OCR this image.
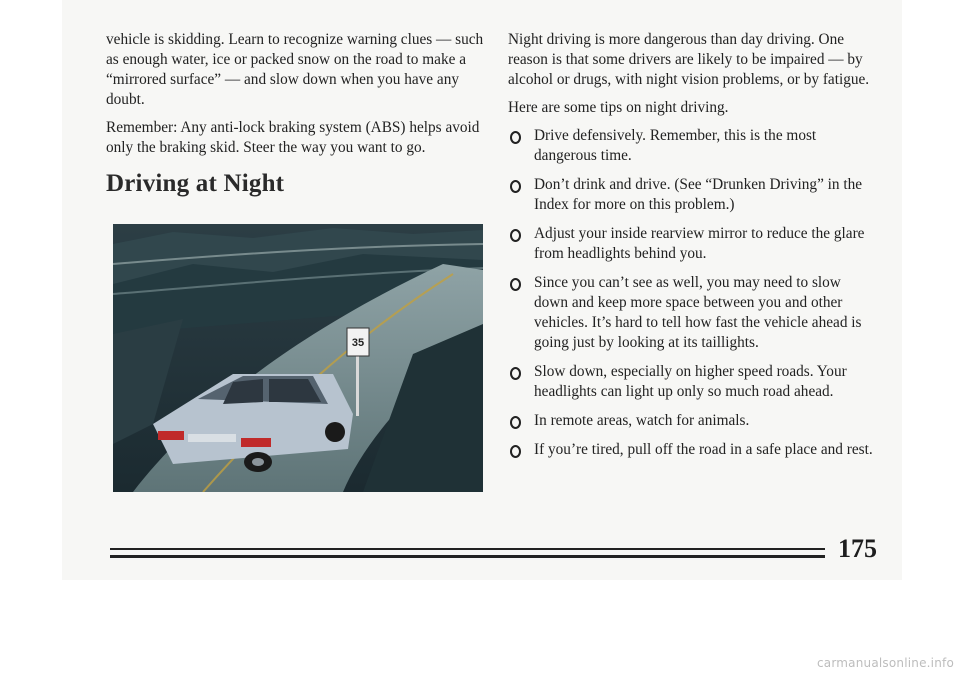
vehicle is skidding. Learn to recognize warning clues — such as enough water, ice or packed snow on the road to make a “mirrored surface” — and slow down when you have any doubt.

Remember: Any anti-lock braking system (ABS) helps avoid only the braking skid. Steer the way you want to go.

Driving at Night
35

Night driving is more dangerous than day driving. One reason is that some drivers are likely to be impaired — by alcohol or drugs, with night vision problems, or by fatigue.

Here are some tips on night driving.

Drive defensively. Remember, this is the most dangerous time.
Don’t drink and drive. (See “Drunken Driving” in the Index for more on this problem.)
Adjust your inside rearview mirror to reduce the glare from headlights behind you.
Since you can’t see as well, you may need to slow down and keep more space between you and other vehicles. It’s hard to tell how fast the vehicle ahead is going just by looking at its taillights.
Slow down, especially on higher speed roads. Your headlights can light up only so much road ahead.
In remote areas, watch for animals.
If you’re tired, pull off the road in a safe place and rest.
175
carmanualsonline.info
